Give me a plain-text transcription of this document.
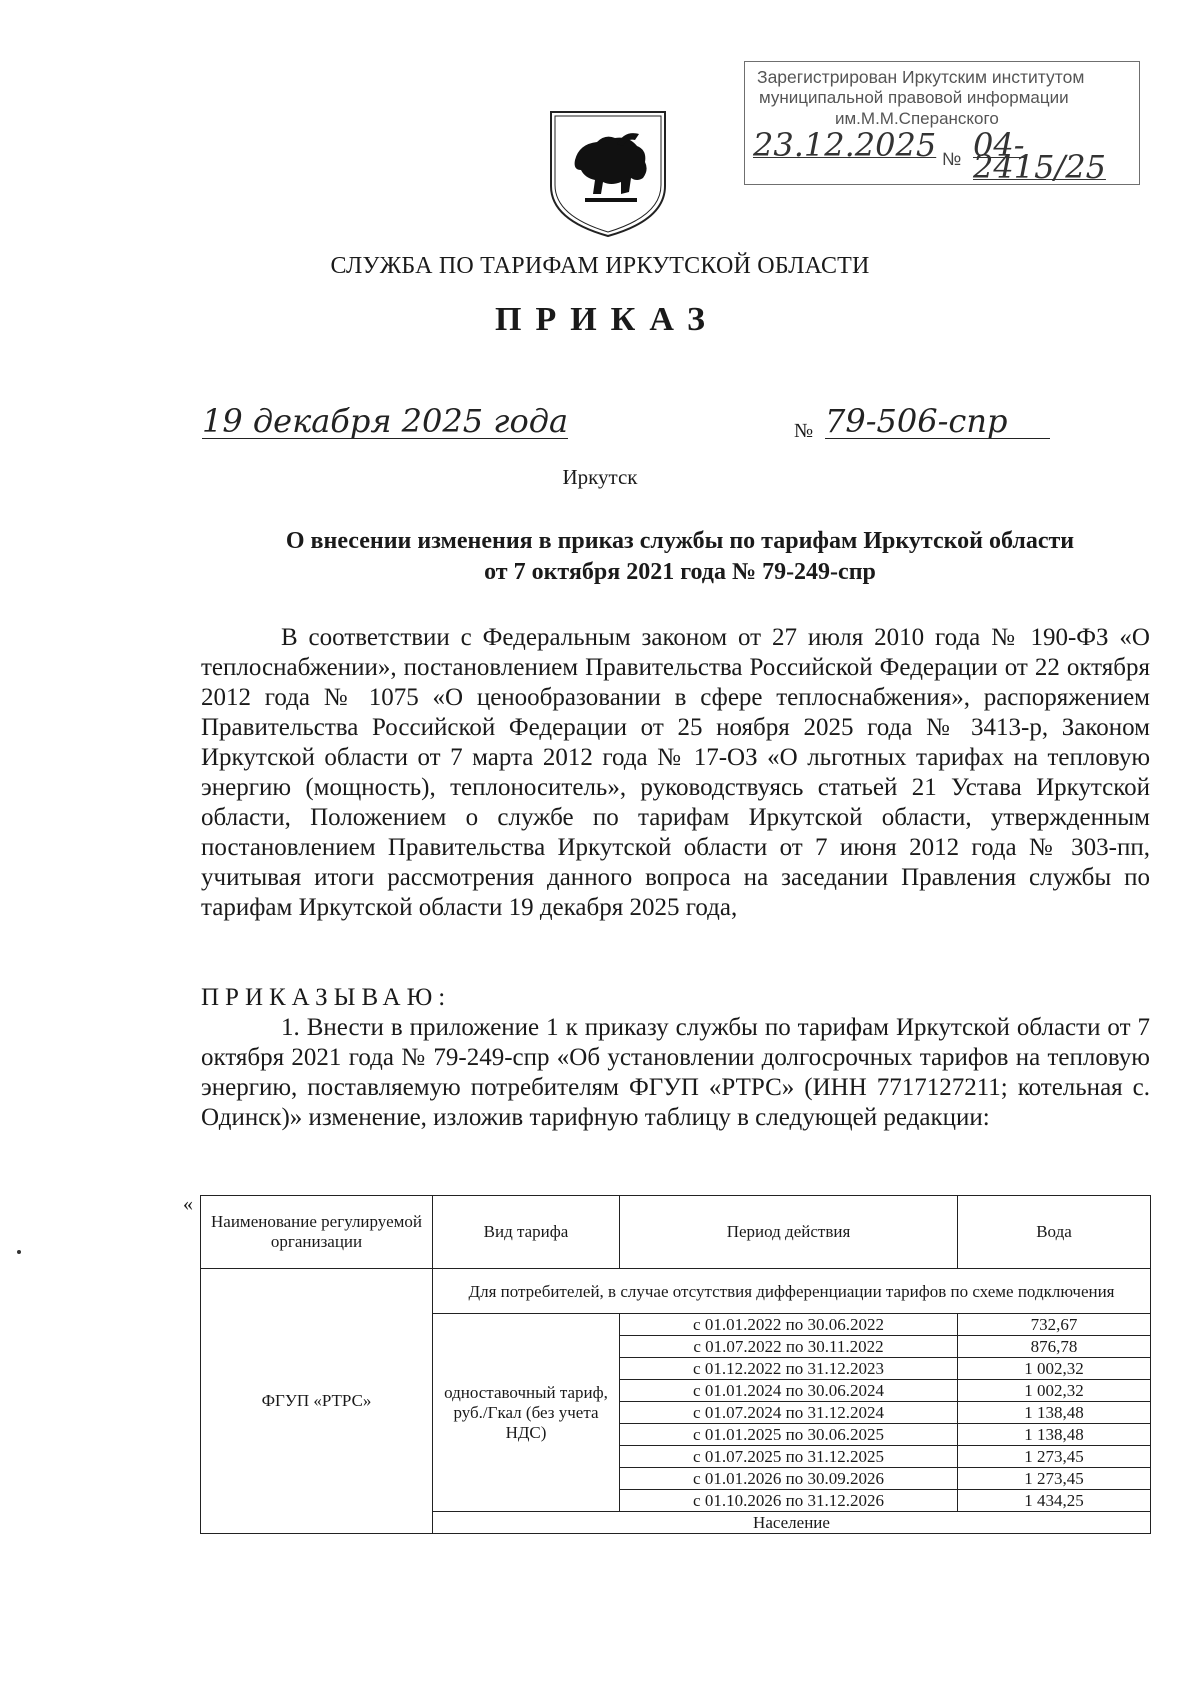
Зарегистрирован Иркутским институтом
муниципальной правовой информации
им.М.М.Сперанского
23.12.2025 № 04-2415/25
СЛУЖБА ПО ТАРИФАМ ИРКУТСКОЙ ОБЛАСТИ
ПРИКАЗ
19 декабря 2025 года	№ 79-506-спр
Иркутск
О внесении изменения в приказ службы по тарифам Иркутской области
от 7 октября 2021 года № 79-249-спр
В соответствии с Федеральным законом от 27 июля 2010 года № 190-ФЗ «О теплоснабжении», постановлением Правительства Российской Федерации от 22 октября 2012 года № 1075 «О ценообразовании в сфере теплоснабжения», распоряжением Правительства Российской Федерации от 25 ноября 2025 года № 3413-р, Законом Иркутской области от 7 марта 2012 года № 17-ОЗ «О льготных тарифах на тепловую энергию (мощность), теплоноситель», руководствуясь статьей 21 Устава Иркутской области, Положением о службе по тарифам Иркутской области, утвержденным постановлением Правительства Иркутской области от 7 июня 2012 года № 303-пп, учитывая итоги рассмотрения данного вопроса на заседании Правления службы по тарифам Иркутской области 19 декабря 2025 года,
ПРИКАЗЫВАЮ:
1. Внести в приложение 1 к приказу службы по тарифам Иркутской области от 7 октября 2021 года № 79-249-спр «Об установлении долгосрочных тарифов на тепловую энергию, поставляемую потребителям ФГУП «РТРС» (ИНН 7717127211; котельная с. Одинск)» изменение, изложив тарифную таблицу в следующей редакции:
«
Наименование регулируемой организации	Вид тарифа	Период действия	Вода
ФГУП «РТРС»	Для потребителей, в случае отсутствия дифференциации тарифов по схеме подключения		
	одноставочный тариф, руб./Гкал (без учета НДС)	с 01.01.2022 по 30.06.2022	732,67
		с 01.07.2022 по 30.11.2022	876,78
		с 01.12.2022 по 31.12.2023	1 002,32
		с 01.01.2024 по 30.06.2024	1 002,32
		с 01.07.2024 по 31.12.2024	1 138,48
		с 01.01.2025 по 30.06.2025	1 138,48
		с 01.07.2025 по 31.12.2025	1 273,45
		с 01.01.2026 по 30.09.2026	1 273,45
		с 01.10.2026 по 31.12.2026	1 434,25
	Население		
